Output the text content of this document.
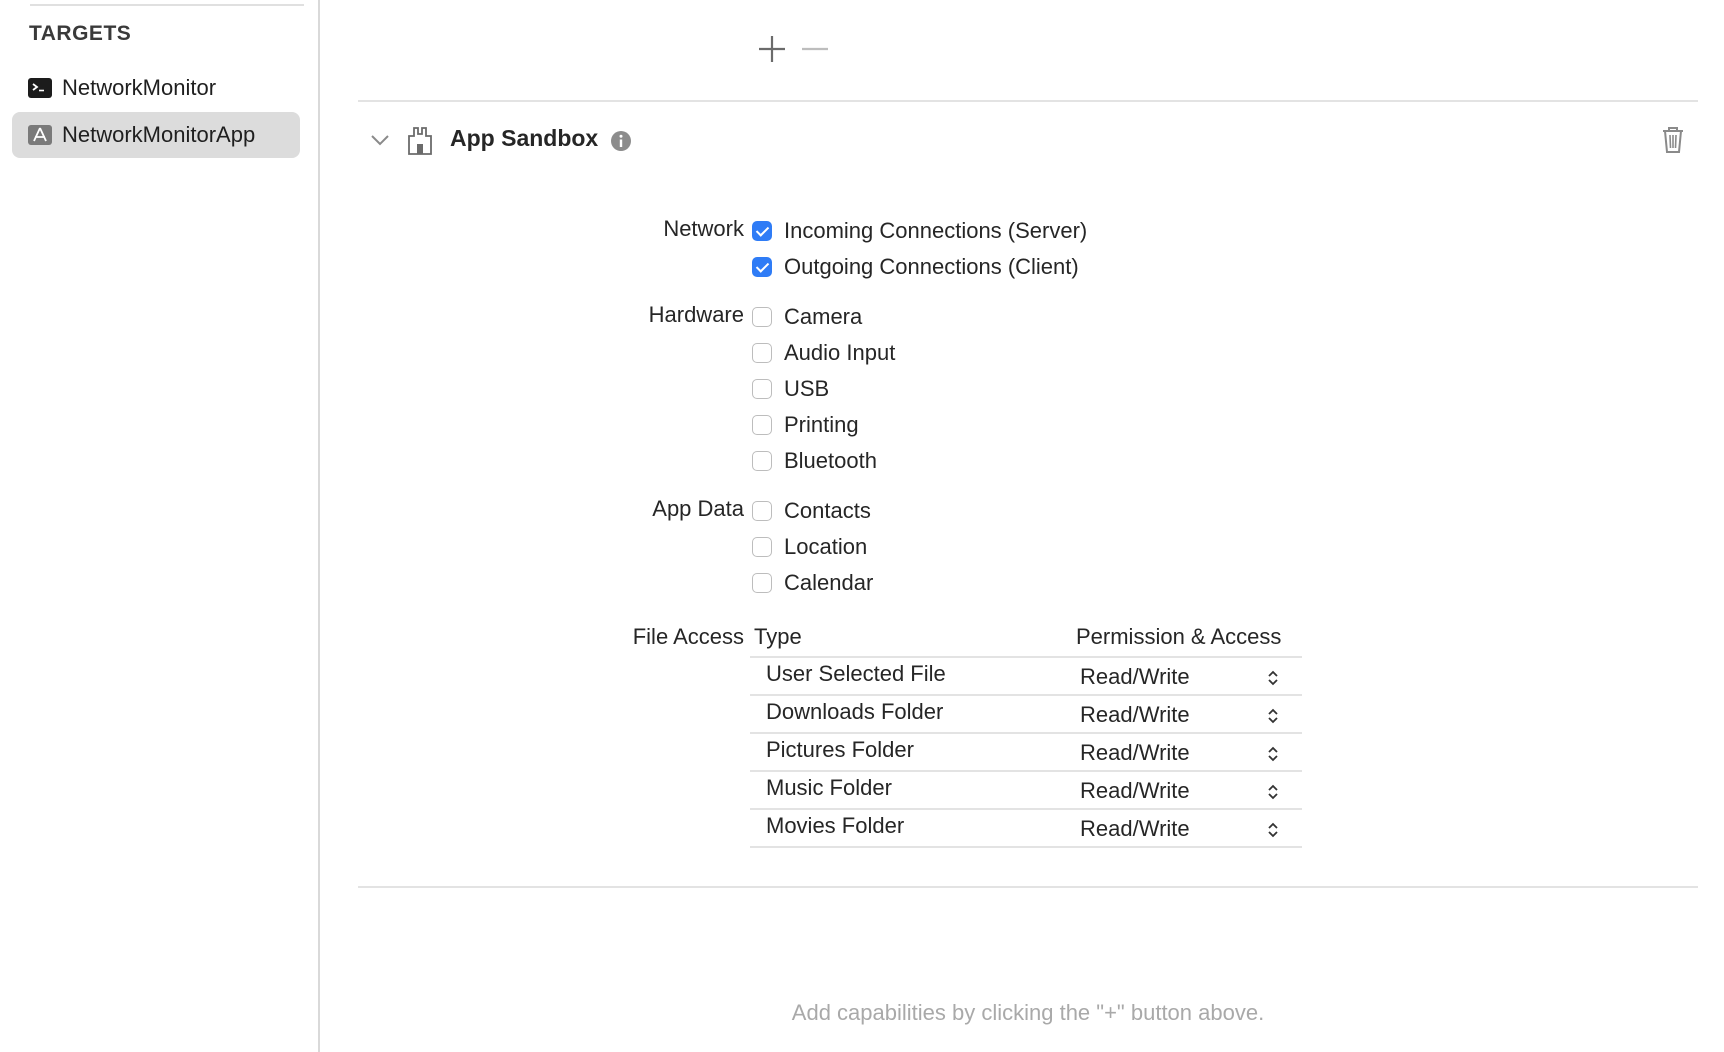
TARGETS
NetworkMonitor
NetworkMonitorApp	App Sandbox
Network Incoming Connections (Server)
Outgoing Connections (Client)
Hardware Camera
Audio Input
USB
Printing
Bluetooth
App Data Contacts
Location
Calendar
File Access Type	Permission & Access
User Selected File	Read/Write
Downloads Folder	Read/Write
Pictures Folder	Read/Write
Music Folder	Read/Write
Movies Folder	Read/Write
Add capabilities by clicking the "+" button above.
